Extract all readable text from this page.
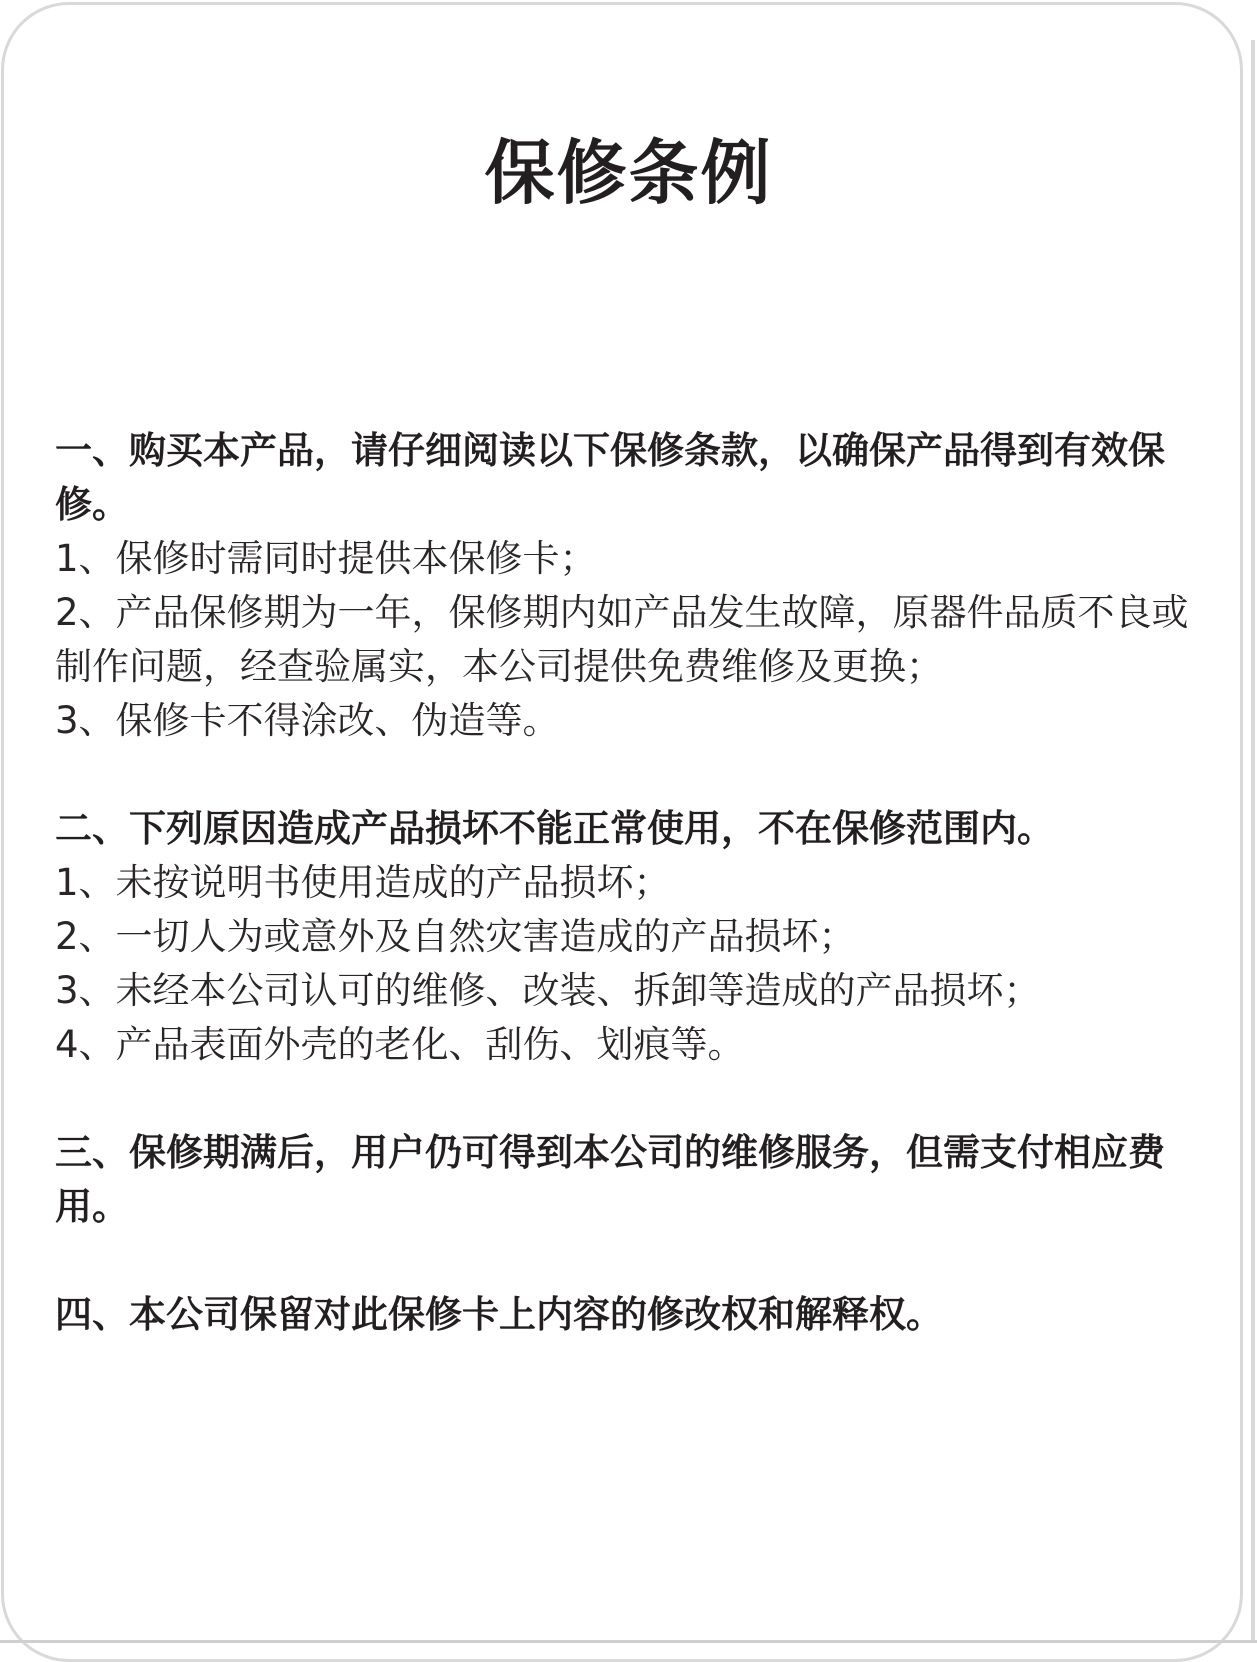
保修条例

一、购买本产品，请仔细阅读以下保修条款，以确保产品得到有效保修。

1、保修时需同时提供本保修卡；

2、产品保修期为一年，保修期内如产品发生故障，原器件品质不良或制作问题，经查验属实，本公司提供免费维修及更换；

3、保修卡不得涂改、伪造等。

二、下列原因造成产品损坏不能正常使用，不在保修范围内。

1、未按说明书使用造成的产品损坏；

2、一切人为或意外及自然灾害造成的产品损坏；

3、未经本公司认可的维修、改装、拆卸等造成的产品损坏；

4、产品表面外壳的老化、刮伤、划痕等。

三、保修期满后，用户仍可得到本公司的维修服务，但需支付相应费用。

四、本公司保留对此保修卡上内容的修改权和解释权。
